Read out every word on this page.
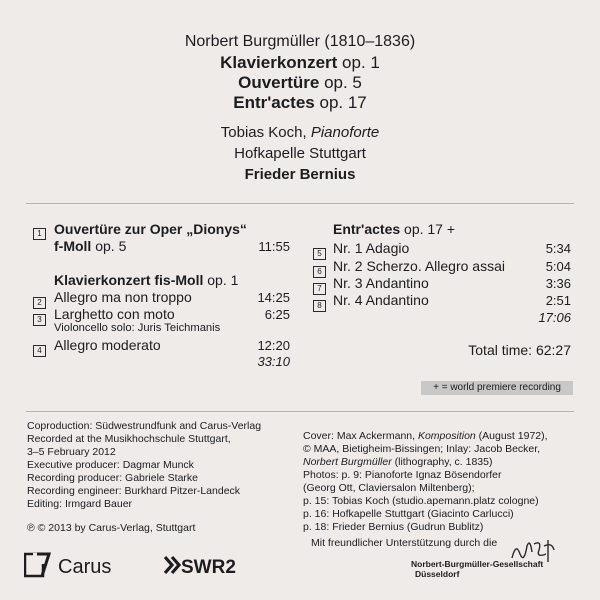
Norbert Burgmüller (1810–1836)
Klavierkonzert op. 1
Ouvertüre op. 5
Entr'actes op. 17
Tobias Koch, Pianoforte
Hofkapelle Stuttgart
Frieder Bernius
1 Ouvertüre zur Oper „Dionys“
f-Moll op. 5	11:55
Klavierkonzert fis-Moll op. 1
2 Allegro ma non troppo	14:25
3 Larghetto con moto	6:25
Violoncello solo: Juris Teichmanis
4 Allegro moderato	12:20
33:10
Entr'actes op. 17 +
5 Nr. 1 Adagio	5:34
6 Nr. 2 Scherzo. Allegro assai	5:04
7 Nr. 3 Andantino	3:36
8 Nr. 4 Andantino	2:51
17:06
Total time: 62:27
+ = world premiere recording
Coproduction: Südwestrundfunk and Carus-Verlag
Recorded at the Musikhochschule Stuttgart,
3–5 February 2012
Executive producer: Dagmar Munck
Recording producer: Gabriele Starke
Recording engineer: Burkhard Pitzer-Landeck
Editing: Irmgard Bauer
℗ © 2013 by Carus-Verlag, Stuttgart
Cover: Max Ackermann, Komposition (August 1972),
© MAA, Bietigheim-Bissingen; Inlay: Jacob Becker,
Norbert Burgmüller (lithography, c. 1835)
Photos: p. 9: Pianoforte Ignaz Bösendorfer
(Georg Ott, Claviersalon Miltenberg);
p. 15: Tobias Koch (studio.apemann.platz cologne)
p. 16: Hofkapelle Stuttgart (Giacinto Carlucci)
p. 18: Frieder Bernius (Gudrun Bublitz)
Mit freundlicher Unterstützung durch die
Carus	SWR2	Norbert-Burgmüller-Gesellschaft
Düsseldorf
